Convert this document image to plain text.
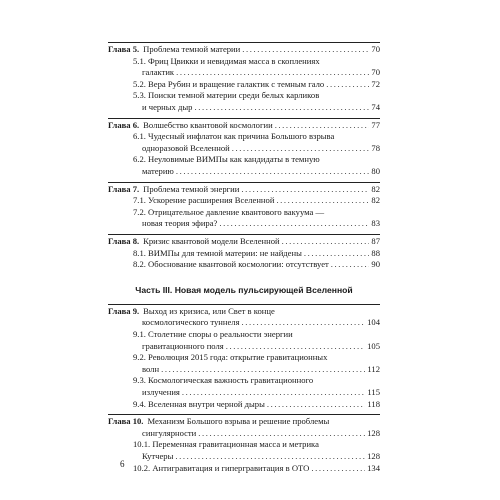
Глава 5. Проблема темной материи .....	70
5.1. Фриц Цвикки и невидимая масса в скоплениях
галактик .....	70
5.2. Вера Рубин и вращение галактик с темным гало .....	72
5.3. Поиски темной материи среди белых карликов
и черных дыр .....	74
Глава 6. Волшебство квантовой космологии .....	77
6.1. Чудесный инфлатон как причина Большого взрыва
одноразовой Вселенной .....	78
6.2. Неуловимые ВИМПы как кандидаты в темную
материю .....	80
Глава 7. Проблема темной энергии .....	82
7.1. Ускорение расширения Вселенной .....	82
7.2. Отрицательное давление квантового вакуума —
новая теория эфира? .....	83
Глава 8. Кризис квантовой модели Вселенной .....	87
8.1. ВИМПы для темной материи: не найдены .....	88
8.2. Обоснование квантовой космологии: отсутствует .....	90
Часть III. Новая модель пульсирующей Вселенной
Глава 9. Выход из кризиса, или Свет в конце
космологического туннеля .....	104
9.1. Столетние споры о реальности энергии
гравитационного поля .....	105
9.2. Революция 2015 года: открытие гравитационных
волн .....	112
9.3. Космологическая важность гравитационного
излучения .....	115
9.4. Вселенная внутри черной дыры .....	118
Глава 10. Механизм Большого взрыва и решение проблемы
сингулярности .....	128
10.1. Переменная гравитационная масса и метрика
Кутчеры .....	128
10.2. Антигравитация и гипергравитация в ОТО .....	134
6
